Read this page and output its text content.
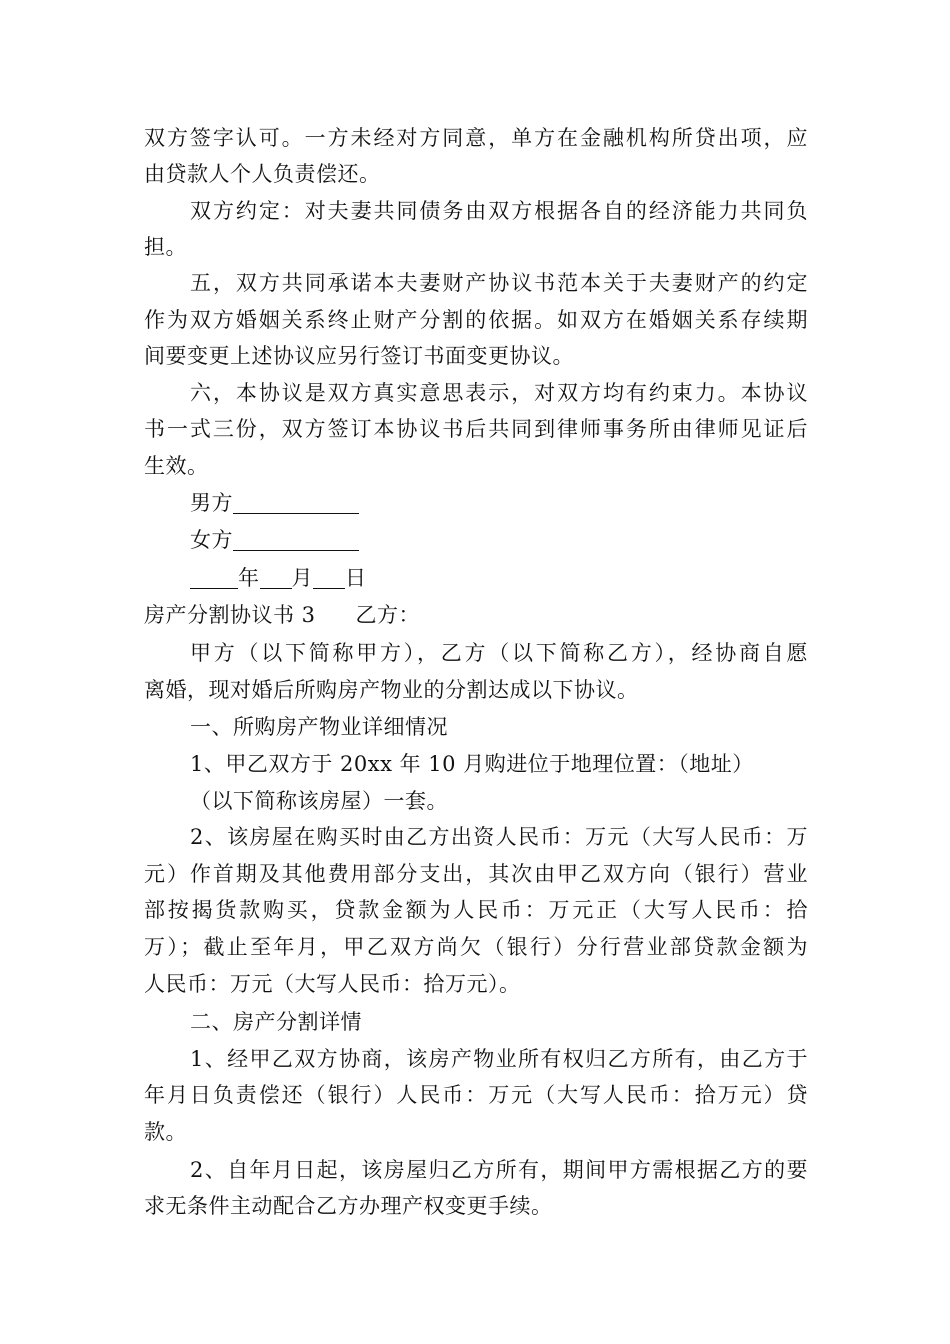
双方签字认可。一方未经对方同意，单方在金融机构所贷出项，应
由贷款人个人负责偿还。
双方约定：对夫妻共同债务由双方根据各自的经济能力共同负
担。
五，双方共同承诺本夫妻财产协议书范本关于夫妻财产的约定
作为双方婚姻关系终止财产分割的依据。如双方在婚姻关系存续期
间要变更上述协议应另行签订书面变更协议。
六，本协议是双方真实意思表示，对双方均有约束力。本协议
书一式三份，双方签订本协议书后共同到律师事务所由律师见证后
生效。
男方
女方
年 月 日
房产分割协议书 3 乙方：
甲方（以下简称甲方），乙方（以下简称乙方），经协商自愿
离婚，现对婚后所购房产物业的分割达成以下协议。
一、所购房产物业详细情况
1、甲乙双方于 20xx 年 10 月购进位于地理位置：（地址）
（以下简称该房屋）一套。
2、该房屋在购买时由乙方出资人民币：万元（大写人民币：万
元）作首期及其他费用部分支出，其次由甲乙双方向（银行）营业
部按揭货款购买，贷款金额为人民币：万元正（大写人民币：拾
万）；截止至年月，甲乙双方尚欠（银行）分行营业部贷款金额为
人民币：万元（大写人民币：拾万元）。
二、房产分割详情
1、经甲乙双方协商，该房产物业所有权归乙方所有，由乙方于
年月日负责偿还（银行）人民币：万元（大写人民币：拾万元）贷
款。
2、自年月日起，该房屋归乙方所有，期间甲方需根据乙方的要
求无条件主动配合乙方办理产权变更手续。
